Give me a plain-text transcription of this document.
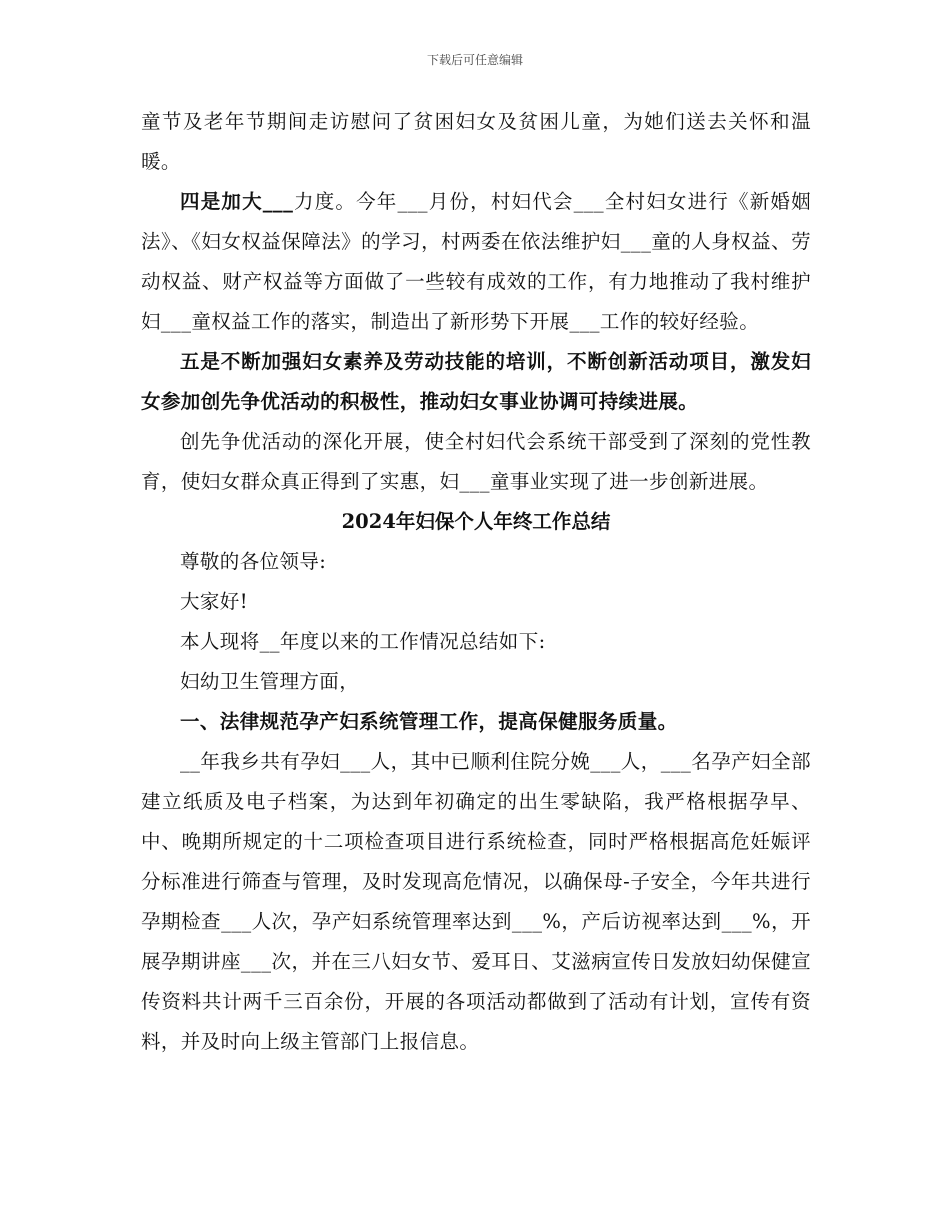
下载后可任意编辑

童节及老年节期间走访慰问了贫困妇女及贫困儿童，为她们送去关怀和温暖。

四是加大___力度。今年___月份，村妇代会___全村妇女进行《新婚姻法》、《妇女权益保障法》的学习，村两委在依法维护妇___童的人身权益、劳动权益、财产权益等方面做了一些较有成效的工作，有力地推动了我村维护妇___童权益工作的落实，制造出了新形势下开展___工作的较好经验。

五是不断加强妇女素养及劳动技能的培训，不断创新活动项目，激发妇女参加创先争优活动的积极性，推动妇女事业协调可持续进展。

创先争优活动的深化开展，使全村妇代会系统干部受到了深刻的党性教育，使妇女群众真正得到了实惠，妇___童事业实现了进一步创新进展。

2024年妇保个人年终工作总结

尊敬的各位领导:

大家好!

本人现将__年度以来的工作情况总结如下:

妇幼卫生管理方面，

一、法律规范孕产妇系统管理工作，提高保健服务质量。

__年我乡共有孕妇___人，其中已顺利住院分娩___人，___名孕产妇全部建立纸质及电子档案，为达到年初确定的出生零缺陷，我严格根据孕早、中、晚期所规定的十二项检查项目进行系统检查，同时严格根据高危妊娠评分标准进行筛查与管理，及时发现高危情况，以确保母-子安全，今年共进行孕期检查___人次，孕产妇系统管理率达到___%，产后访视率达到___%，开展孕期讲座___次，并在三八妇女节、爱耳日、艾滋病宣传日发放妇幼保健宣传资料共计两千三百余份，开展的各项活动都做到了活动有计划，宣传有资料，并及时向上级主管部门上报信息。
